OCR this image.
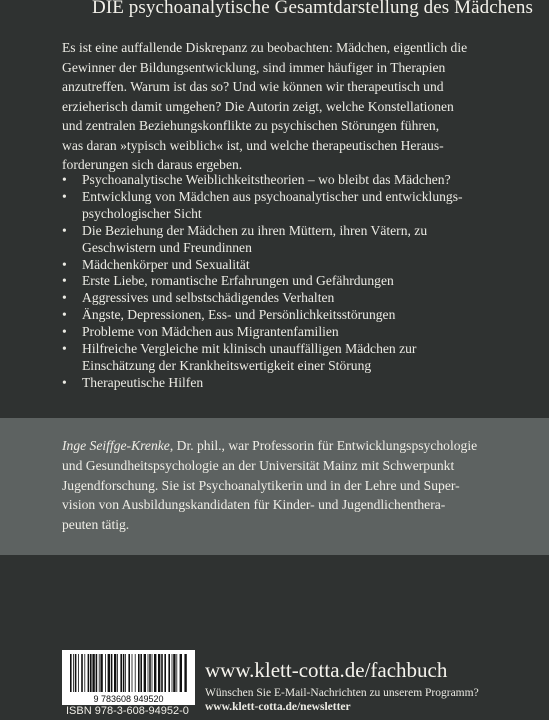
DIE psychoanalytische Gesamtdarstellung des Mädchens
Es ist eine auffallende Diskrepanz zu beobachten: Mädchen, eigentlich die
Gewinner der Bildungsentwicklung, sind immer häufiger in Therapien
anzutreffen. Warum ist das so? Und wie können wir therapeutisch und
erzieherisch damit umgehen? Die Autorin zeigt, welche Konstellationen
und zentralen Beziehungskonflikte zu psychischen Störungen führen,
was daran »typisch weiblich« ist, und welche therapeutischen Heraus-
forderungen sich daraus ergeben.
• Psychoanalytische Weiblichkeitstheorien – wo bleibt das Mädchen?
• Entwicklung von Mädchen aus psychoanalytischer und entwicklungs-
psychologischer Sicht
• Die Beziehung der Mädchen zu ihren Müttern, ihren Vätern, zu
Geschwistern und Freundinnen
• Mädchenkörper und Sexualität
• Erste Liebe, romantische Erfahrungen und Gefährdungen
• Aggressives und selbstschädigendes Verhalten
• Ängste, Depressionen, Ess- und Persönlichkeitsstörungen
• Probleme von Mädchen aus Migrantenfamilien
• Hilfreiche Vergleiche mit klinisch unauffälligen Mädchen zur
Einschätzung der Krankheitswertigkeit einer Störung
• Therapeutische Hilfen
Inge Seiffge-Krenke, Dr. phil., war Professorin für Entwicklungspsychologie
und Gesundheitspsychologie an der Universität Mainz mit Schwerpunkt
Jugendforschung. Sie ist Psychoanalytikerin und in der Lehre und Super-
vision von Ausbildungskandidaten für Kinder- und Jugendlichenthera-
peuten tätig.
9 783608 949520
ISBN 978-3-608-94952-0
www.klett-cotta.de/fachbuch
Wünschen Sie E-Mail-Nachrichten zu unserem Programm?
www.klett-cotta.de/newsletter
